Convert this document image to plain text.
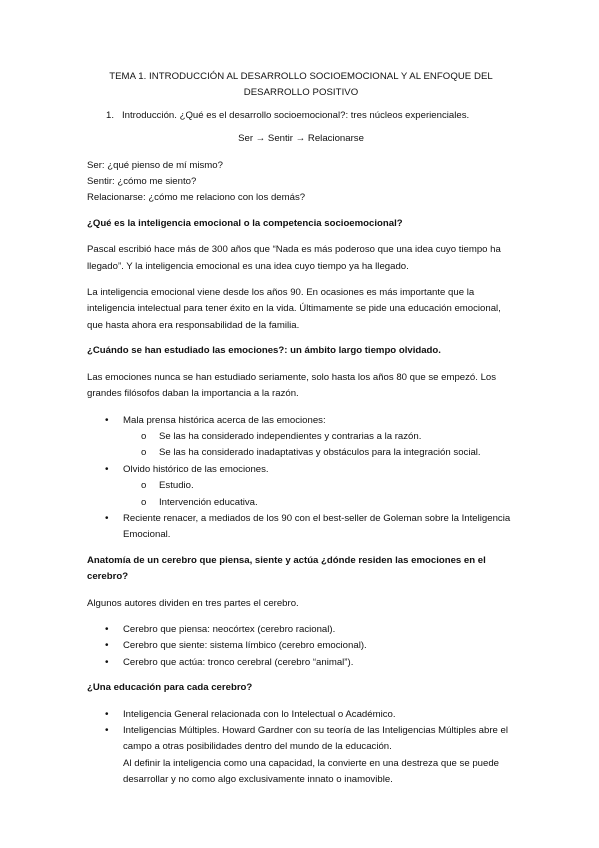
TEMA 1. INTRODUCCIÓN AL DESARROLLO SOCIOEMOCIONAL Y AL ENFOQUE DEL DESARROLLO POSITIVO

1. Introducción. ¿Qué es el desarrollo socioemocional?: tres núcleos experienciales.

Ser → Sentir → Relacionarse

Ser: ¿qué pienso de mí mismo?
Sentir: ¿cómo me siento?
Relacionarse: ¿cómo me relaciono con los demás?

¿Qué es la inteligencia emocional o la competencia socioemocional?

Pascal escribió hace más de 300 años que “Nada es más poderoso que una idea cuyo tiempo ha llegado”. Y la inteligencia emocional es una idea cuyo tiempo ya ha llegado.

La inteligencia emocional viene desde los años 90. En ocasiones es más importante que la inteligencia intelectual para tener éxito en la vida. Últimamente se pide una educación emocional, que hasta ahora era responsabilidad de la familia.

¿Cuándo se han estudiado las emociones?: un ámbito largo tiempo olvidado.

Las emociones nunca se han estudiado seriamente, solo hasta los años 80 que se empezó. Los grandes filósofos daban la importancia a la razón.

• Mala prensa histórica acerca de las emociones:
o Se las ha considerado independientes y contrarias a la razón.
o Se las ha considerado inadaptativas y obstáculos para la integración social.
• Olvido histórico de las emociones.
o Estudio.
o Intervención educativa.
• Reciente renacer, a mediados de los 90 con el best-seller de Goleman sobre la Inteligencia Emocional.

Anatomía de un cerebro que piensa, siente y actúa ¿dónde residen las emociones en el cerebro?

Algunos autores dividen en tres partes el cerebro.

• Cerebro que piensa: neocórtex (cerebro racional).
• Cerebro que siente: sistema límbico (cerebro emocional).
• Cerebro que actúa: tronco cerebral (cerebro “animal”).

¿Una educación para cada cerebro?

• Inteligencia General relacionada con lo Intelectual o Académico.
• Inteligencias Múltiples. Howard Gardner con su teoría de las Inteligencias Múltiples abre el campo a otras posibilidades dentro del mundo de la educación.
Al definir la inteligencia como una capacidad, la convierte en una destreza que se puede desarrollar y no como algo exclusivamente innato o inamovible.
